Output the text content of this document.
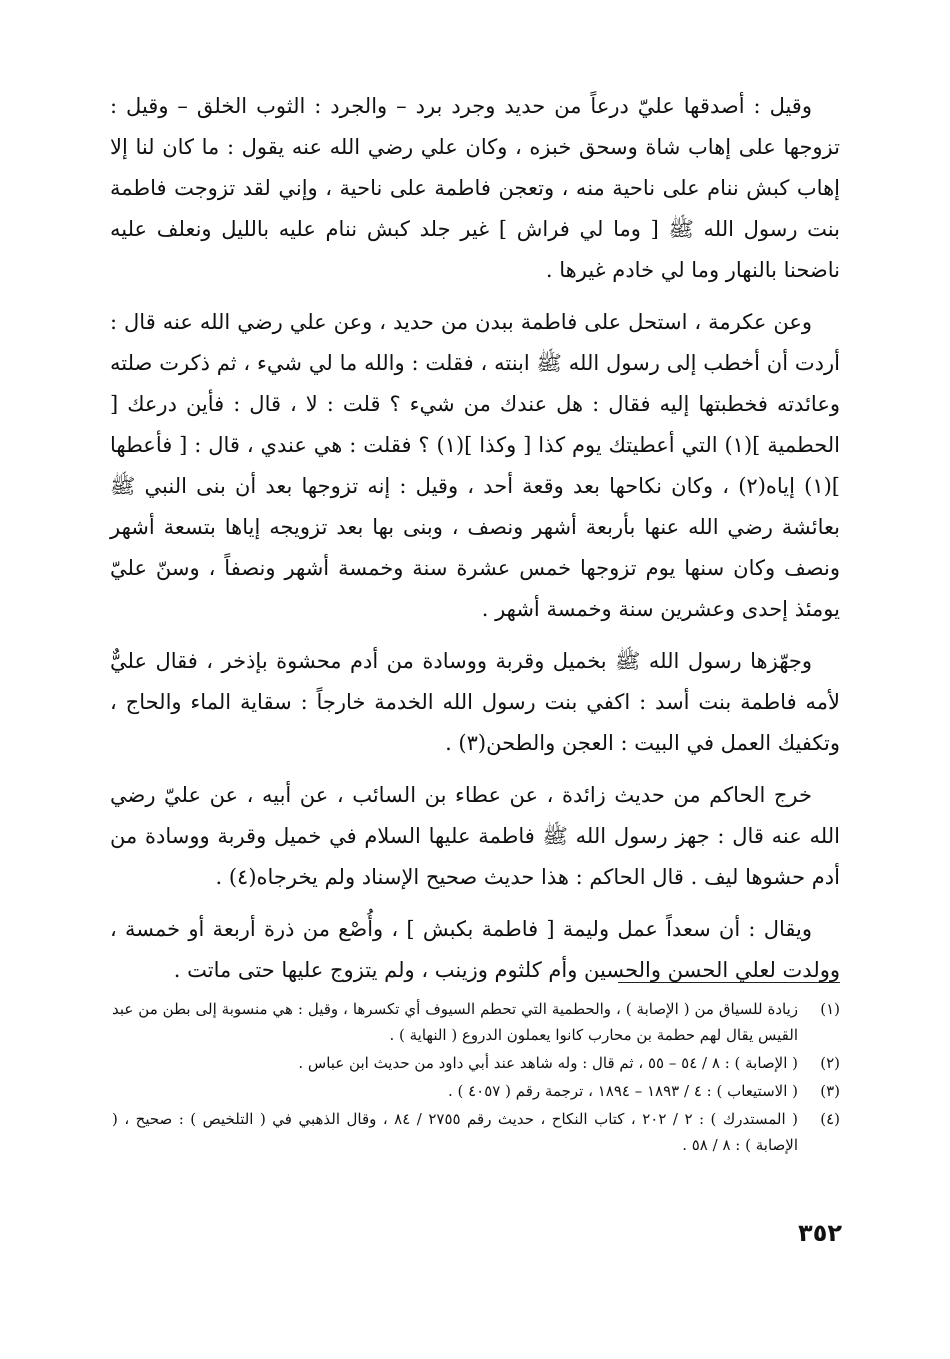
وقيل : أصدقها عليّ درعاً من حديد وجرد برد – والجرد : الثوب الخلق – وقيل : تزوجها على إهاب شاة وسحق خبزه ، وكان علي رضي الله عنه يقول : ما كان لنا إلا إهاب كبش ننام على ناحية منه ، وتعجن فاطمة على ناحية ، وإني لقد تزوجت فاطمة بنت رسول الله ﷺ [ وما لي فراش ] غير جلد كبش ننام عليه بالليل ونعلف عليه ناضحنا بالنهار وما لي خادم غيرها .

وعن عكرمة ، استحل على فاطمة ببدن من حديد ، وعن علي رضي الله عنه قال : أردت أن أخطب إلى رسول الله ﷺ ابنته ، فقلت : والله ما لي شيء ، ثم ذكرت صلته وعائدته فخطبتها إليه فقال : هل عندك من شيء ؟ قلت : لا ، قال : فأين درعك [ الحطمية ](١) التي أعطيتك يوم كذا [ وكذا ](١) ؟ فقلت : هي عندي ، قال : [ فأعطها ](١) إياه(٢) ، وكان نكاحها بعد وقعة أحد ، وقيل : إنه تزوجها بعد أن بنى النبي ﷺ بعائشة رضي الله عنها بأربعة أشهر ونصف ، وبنى بها بعد تزويجه إياها بتسعة أشهر ونصف وكان سنها يوم تزوجها خمس عشرة سنة وخمسة أشهر ونصفاً ، وسنّ عليّ يومئذ إحدى وعشرين سنة وخمسة أشهر .

وجهّزها رسول الله ﷺ بخميل وقربة ووسادة من أدم محشوة بإذخر ، فقال عليٌّ لأمه فاطمة بنت أسد : اكفي بنت رسول الله الخدمة خارجاً : سقاية الماء والحاج ، وتكفيك العمل في البيت : العجن والطحن(٣) .

خرج الحاكم من حديث زائدة ، عن عطاء بن السائب ، عن أبيه ، عن عليّ رضي الله عنه قال : جهز رسول الله ﷺ فاطمة عليها السلام في خميل وقربة ووسادة من أدم حشوها ليف . قال الحاكم : هذا حديث صحيح الإسناد ولم يخرجاه(٤) .

ويقال : أن سعداً عمل وليمة [ فاطمة بكبش ] ، وأُصْع من ذرة أربعة أو خمسة ، وولدت لعلي الحسن والحسين وأم كلثوم وزينب ، ولم يتزوج عليها حتى ماتت .

(١)
زيادة للسياق من ( الإصابة ) ، والحطمية التي تحطم السيوف أي تكسرها ، وقيل : هي منسوبة إلى بطن من عبد القيس يقال لهم حطمة بن محارب كانوا يعملون الدروع ( النهاية ) .
(٢)
( الإصابة ) : ٨ / ٥٤ – ٥٥ ، ثم قال : وله شاهد عند أبي داود من حديث ابن عباس .
(٣)
( الاستيعاب ) : ٤ / ١٨٩٣ – ١٨٩٤ ، ترجمة رقم ( ٤٠٥٧ ) .
(٤)
( المستدرك ) : ٢ / ٢٠٢ ، كتاب النكاح ، حديث رقم ٢٧٥٥ / ٨٤ ، وقال الذهبي في ( التلخيص ) : صحيح ، ( الإصابة ) : ٨ / ٥٨ .
٣٥٢
